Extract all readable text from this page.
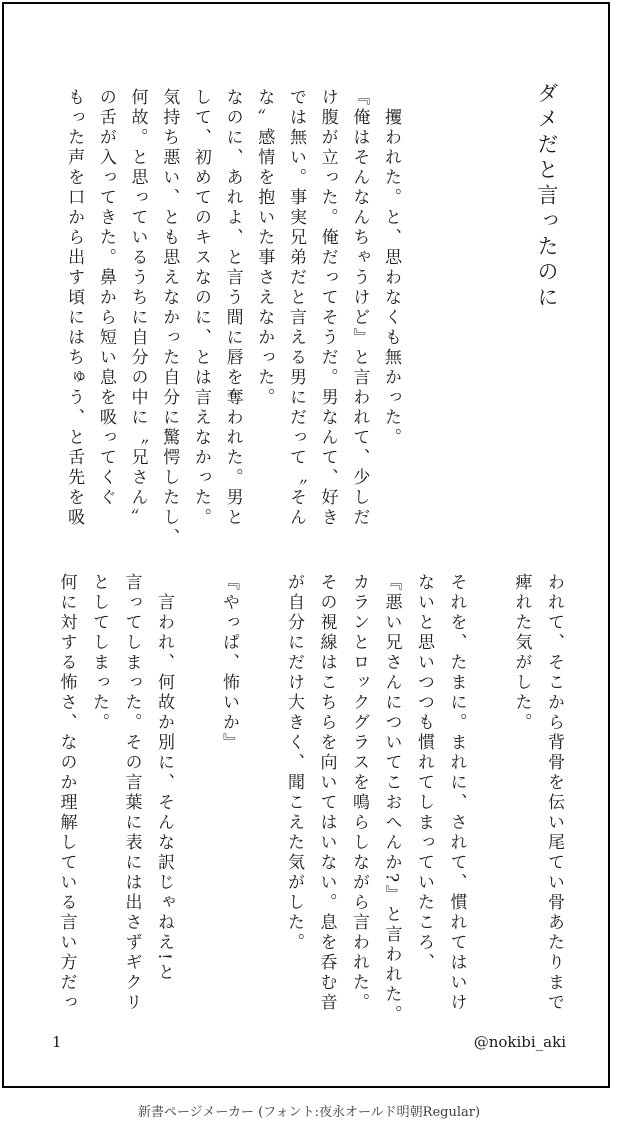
ダメだと言ったのに

　攫われた。と、思わなくも無かった。

『俺はそんなんちゃうけど』と言われて、少しだ

け腹が立った。俺だってそうだ。男なんて、好き

では無い。事実兄弟だと言える男にだって〝そん

な〟感情を抱いた事さえなかった。

なのに、あれよ、と言う間に唇を奪われた。男と

して、初めてのキスなのに、とは言えなかった。

気持ち悪い、とも思えなかった自分に驚愕したし、

何故。と思っているうちに自分の中に〝兄さん〟

の舌が入ってきた。鼻から短い息を吸ってくぐ

もった声を口から出す頃にはちゅう、と舌先を吸

われて、そこから背骨を伝い尾てい骨あたりまで

痺れた気がした。

それを、たまに。まれに、されて、慣れてはいけ

ないと思いつつも慣れてしまっていたころ、

『悪い兄さんについてこおへんか?』と言われた。

カランとロックグラスを鳴らしながら言われた。

その視線はこちらを向いてはいない。息を呑む音

が自分にだけ大きく、聞こえた気がした。

『やっぱ、怖いか』

　言われ、何故か別に、そんな訳じゃねえ!と

言ってしまった。その言葉に表には出さずギクリ

としてしまった。

何に対する怖さ、なのか理解している言い方だっ

1	@nokibi_aki
新書ページメーカー (フォント:夜永オールド明朝Regular)
